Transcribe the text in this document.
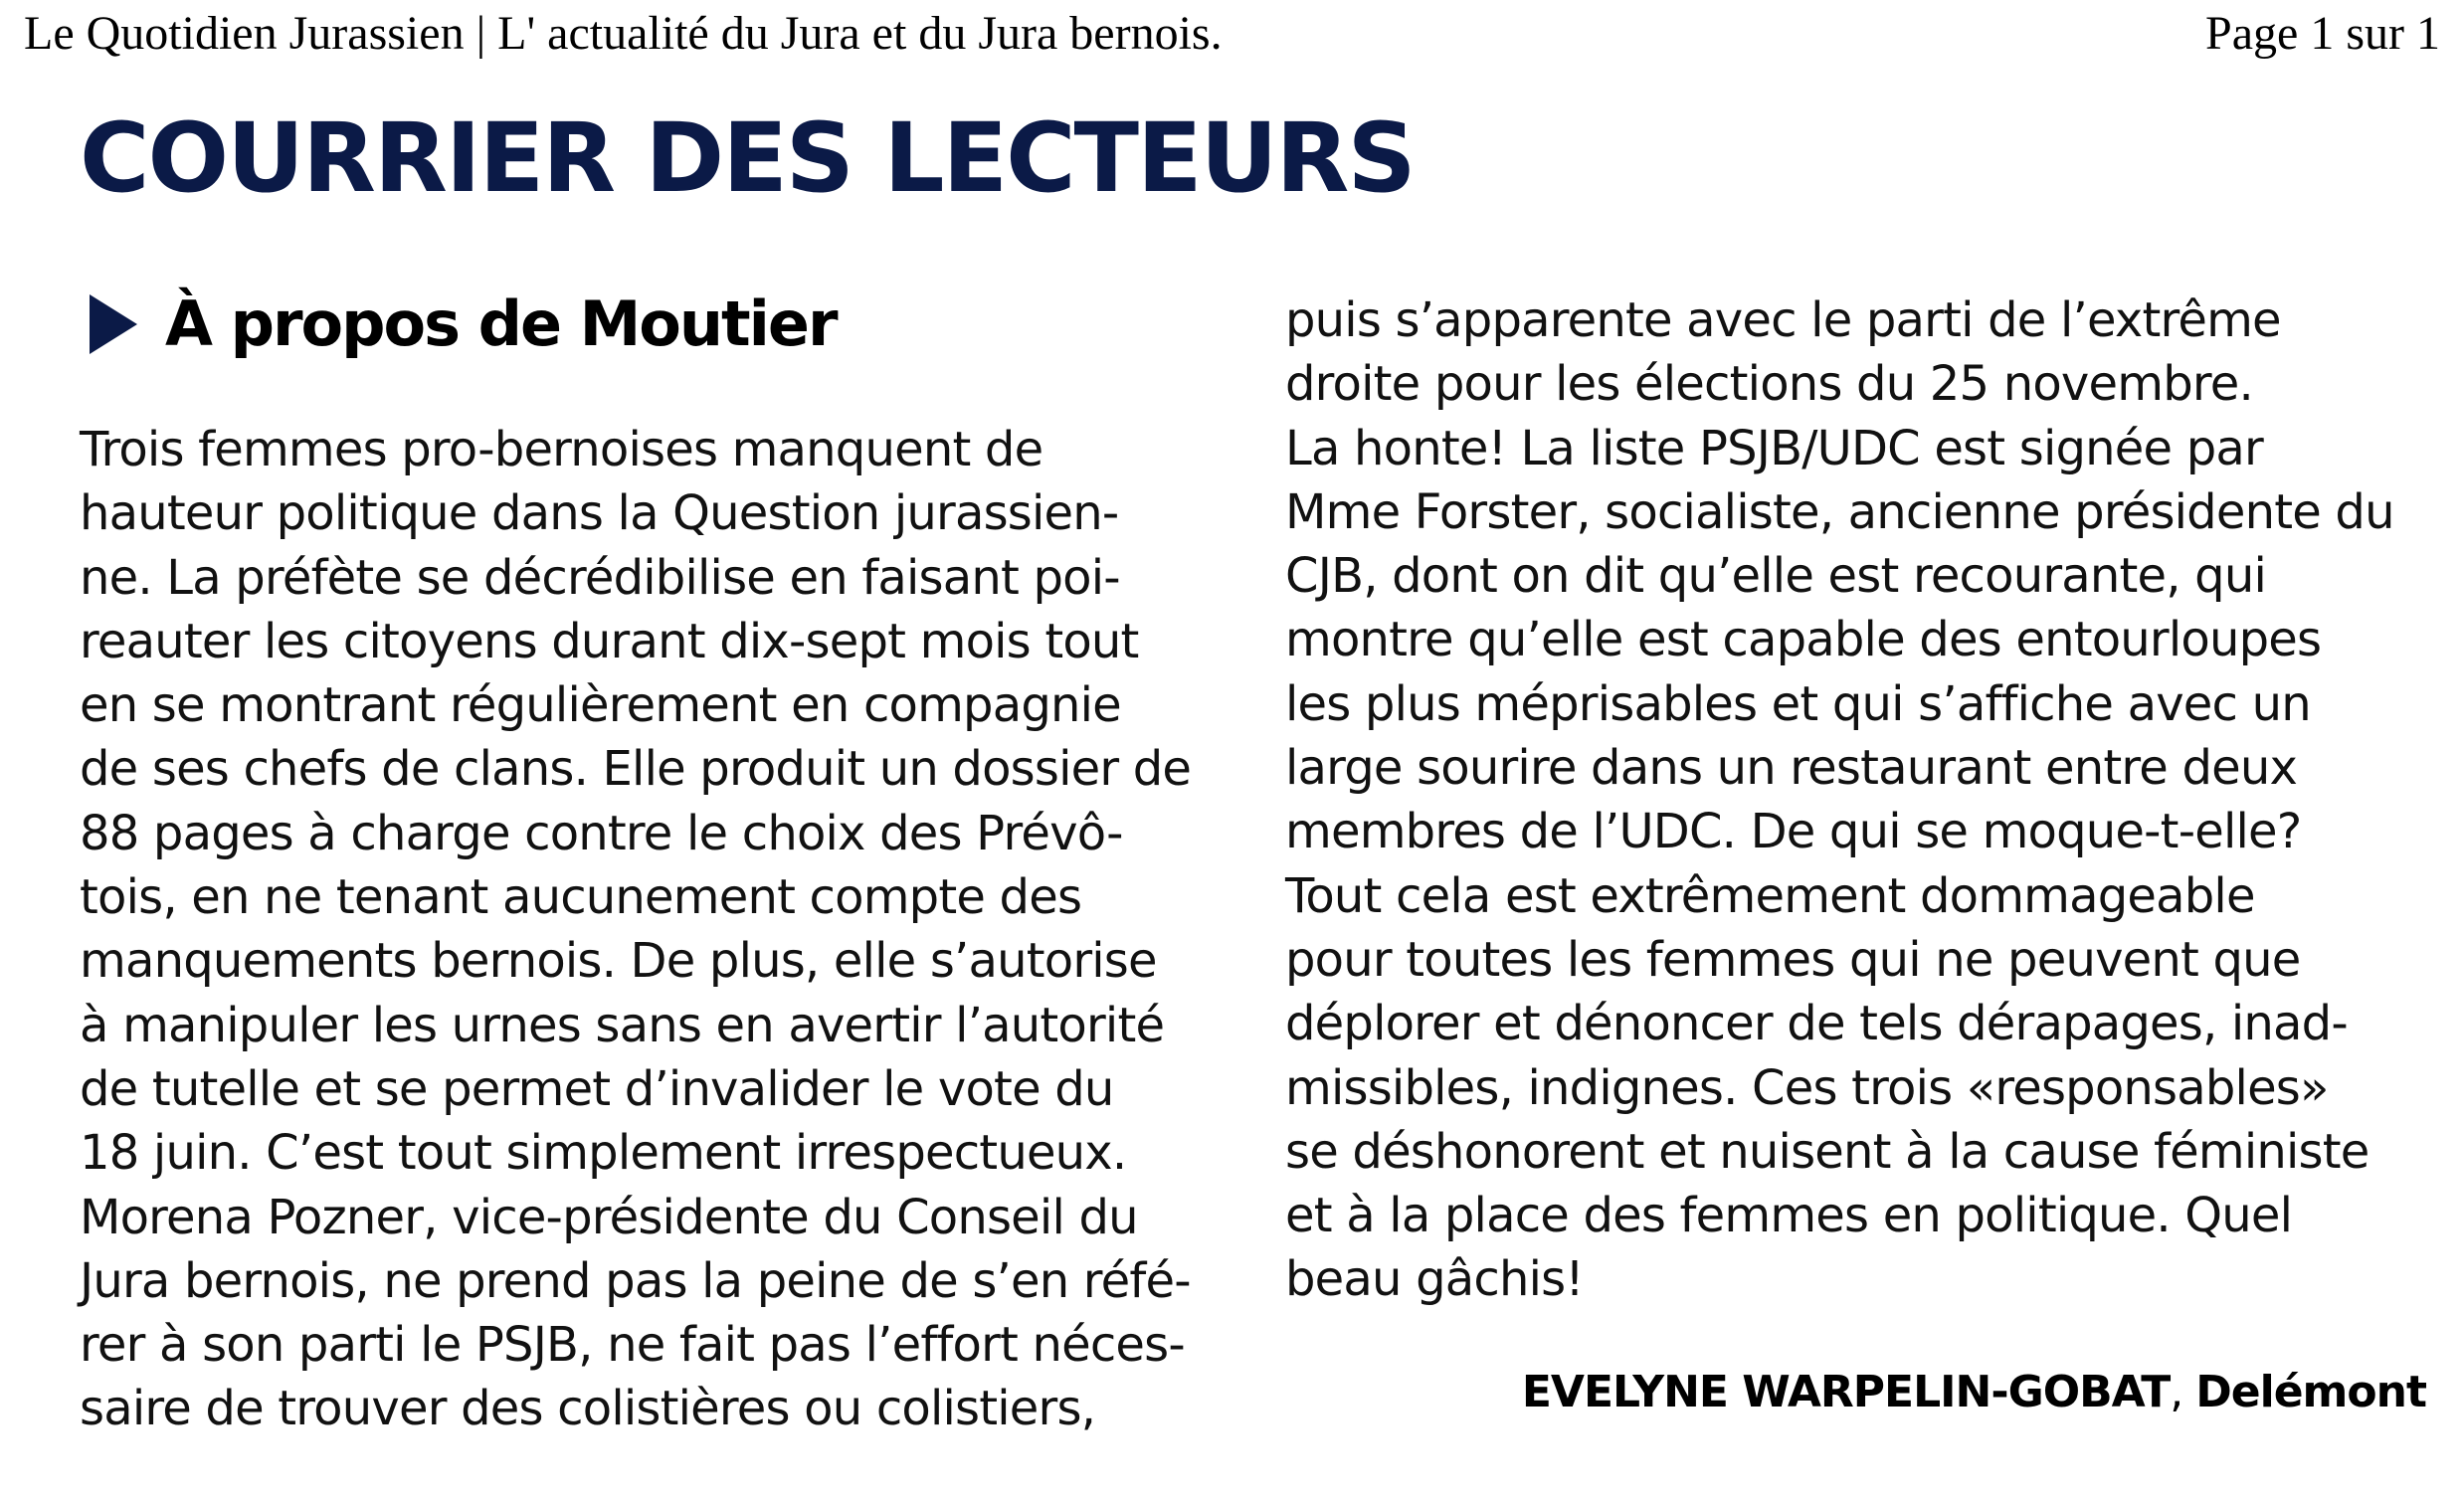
Le Quotidien Jurassien | L' actualité du Jura et du Jura bernois.	Page 1 sur 1
COURRIER DES LECTEURS
À propos de Moutier
Trois femmes pro-bernoises manquent de
hauteur politique dans la Question jurassien-
ne. La préfète se décrédibilise en faisant poi-
reauter les citoyens durant dix-sept mois tout
en se montrant régulièrement en compagnie
de ses chefs de clans. Elle produit un dossier de
88 pages à charge contre le choix des Prévô-
tois, en ne tenant aucunement compte des
manquements bernois. De plus, elle s’autorise
à manipuler les urnes sans en avertir l’autorité
de tutelle et se permet d’invalider le vote du
18 juin. C’est tout simplement irrespectueux.
Morena Pozner, vice-présidente du Conseil du
Jura bernois, ne prend pas la peine de s’en réfé-
rer à son parti le PSJB, ne fait pas l’effort néces-
saire de trouver des colistières ou colistiers,
puis s’apparente avec le parti de l’extrême
droite pour les élections du 25 novembre.
La honte! La liste PSJB/UDC est signée par
Mme Forster, socialiste, ancienne présidente du
CJB, dont on dit qu’elle est recourante, qui
montre qu’elle est capable des entourloupes
les plus méprisables et qui s’affiche avec un
large sourire dans un restaurant entre deux
membres de l’UDC. De qui se moque-t-elle?
Tout cela est extrêmement dommageable
pour toutes les femmes qui ne peuvent que
déplorer et dénoncer de tels dérapages, inad-
missibles, indignes. Ces trois «responsables»
se déshonorent et nuisent à la cause féministe
et à la place des femmes en politique. Quel
beau gâchis!
EVELYNE WARPELIN-GOBAT, Delémont
